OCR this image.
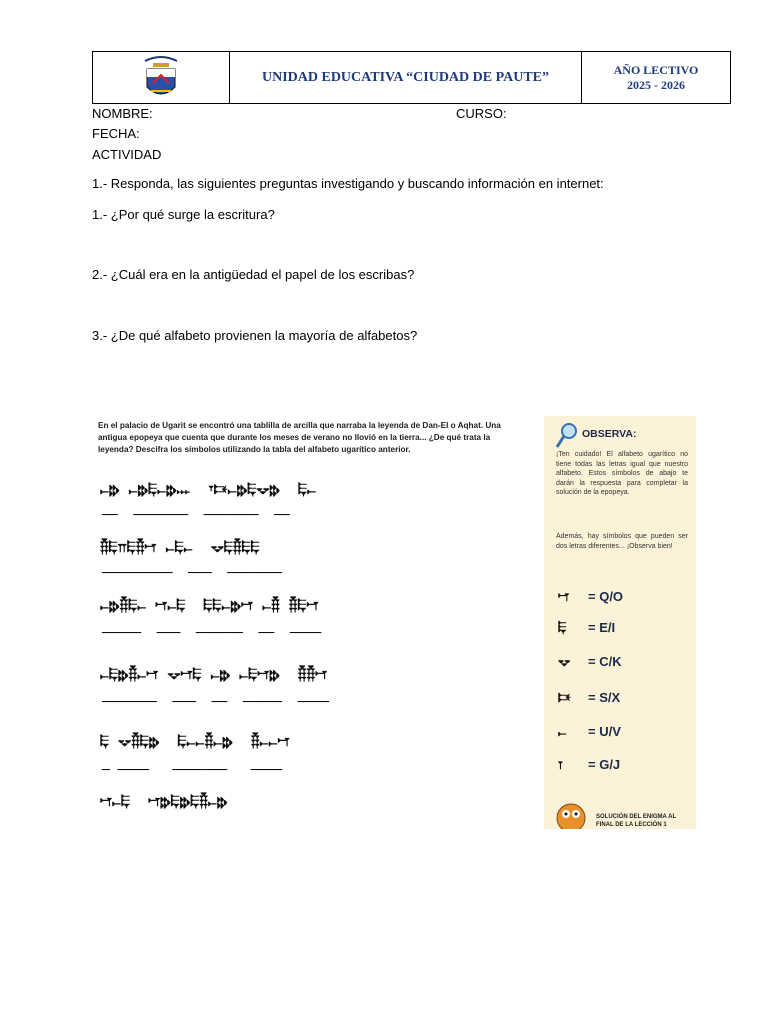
UNIDAD EDUCATIVA “CIUDAD DE PAUTE”	AÑO LECTIVO
2025 - 2026
NOMBRE:	CURSO:
FECHA:
ACTIVIDAD
1.- Responda, las siguientes preguntas investigando y buscando información en internet:
1.- ¿Por qué surge la escritura?
2.- ¿Cuál era en la antigüedad el papel de los escribas?
3.- ¿De qué alfabeto provienen la mayoría de alfabetos?
En el palacio de Ugarit se encontró una tablilla de arcilla que narraba la leyenda de Dan-El o Aqhat. Una antigua epopeya que cuenta que durante los meses de verano no llovió en la tierra... ¿De qué trata la leyenda? Descifra los símbolos utilizando la tabla del alfabeto ugarítico anterior.
𐎚𐎗 𐎚𐎗𐎛𐎚𐎗𐎐  𐎟𐎑𐎚𐎗𐎛𐎒𐎗  𐎛𐎚
──  ───────  ───────  ──
𐎝𐎛𐎕𐎛𐎝𐎎 𐎚𐎛𐎚  𐎒𐎛𐎝𐎛𐎛
─────────  ───  ───────
𐎚𐎗𐎝𐎛𐎚 𐎎𐎚𐎛  𐎛𐎛𐎚𐎗𐎎 𐎚𐎝 𐎝𐎛𐎎
─────  ───  ──────  ──  ────
𐎚𐎛𐎗𐎝𐎚𐎎 𐎒𐎎𐎛 𐎚𐎗 𐎚𐎛𐎎𐎗  𐎝𐎝𐎎
───────  ───  ──  ─────  ────
𐎛 𐎒𐎝𐎛𐎗  𐎛𐎚𐎚𐎝𐎚𐎗  𐎝𐎚𐎚𐎎
─ ────   ───────   ────
𐎎𐎚𐎛  𐎎𐎗𐎛𐎗𐎛𐎝𐎚𐎗
OBSERVA:
¡Ten cuidado! El alfabeto ugarítico no tiene todas las letras igual que nuestro alfabeto. Estos símbolos de abajo te darán la respuesta para completar la solución de la epopeya.
Además, hay símbolos que pueden ser dos letras diferentes... ¡Observa bien!
𐎎 = Q/O
𐎛 = E/I
𐎒 = C/K
𐎑 = S/X
𐎚 = U/V
𐎂 = G/J
SOLUCIÓN DEL ENIGMA AL FINAL DE LA LECCIÓN 1
